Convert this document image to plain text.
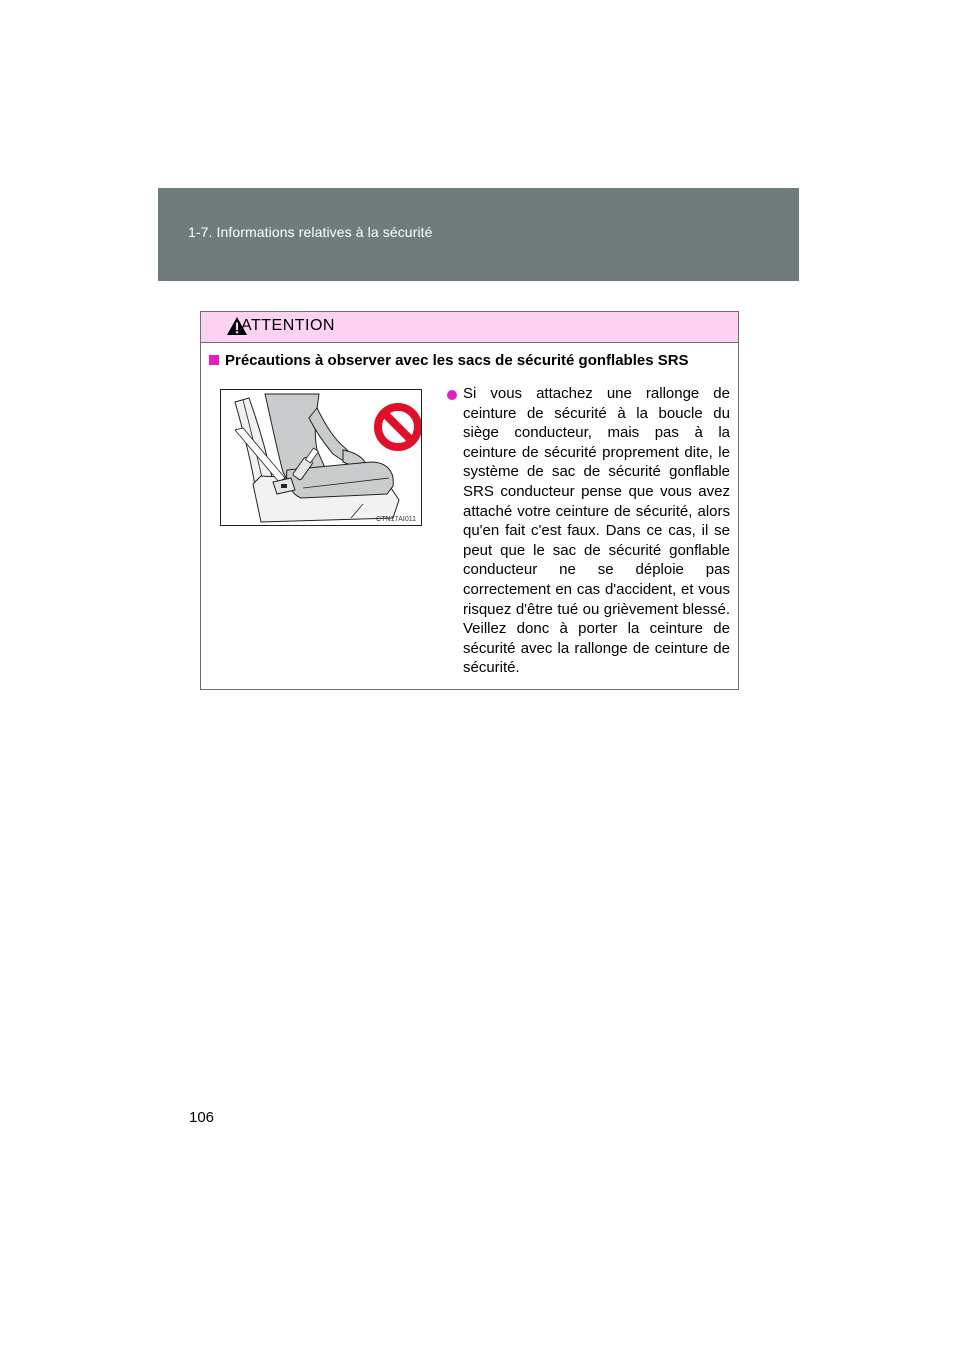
1-7. Informations relatives à la sécurité
ATTENTION
Précautions à observer avec les sacs de sécurité gonflables SRS
CTN17AI011
Si vous attachez une rallonge de ceinture de sécurité à la boucle du siège conducteur, mais pas à la ceinture de sécurité proprement dite, le système de sac de sécurité gonflable SRS conducteur pense que vous avez attaché votre ceinture de sécurité, alors qu'en fait c'est faux. Dans ce cas, il se peut que le sac de sécurité gonflable conducteur ne se déploie pas correctement en cas d'accident, et vous risquez d'être tué ou grièvement blessé. Veillez donc à porter la ceinture de sécurité avec la rallonge de ceinture de sécurité.
106
